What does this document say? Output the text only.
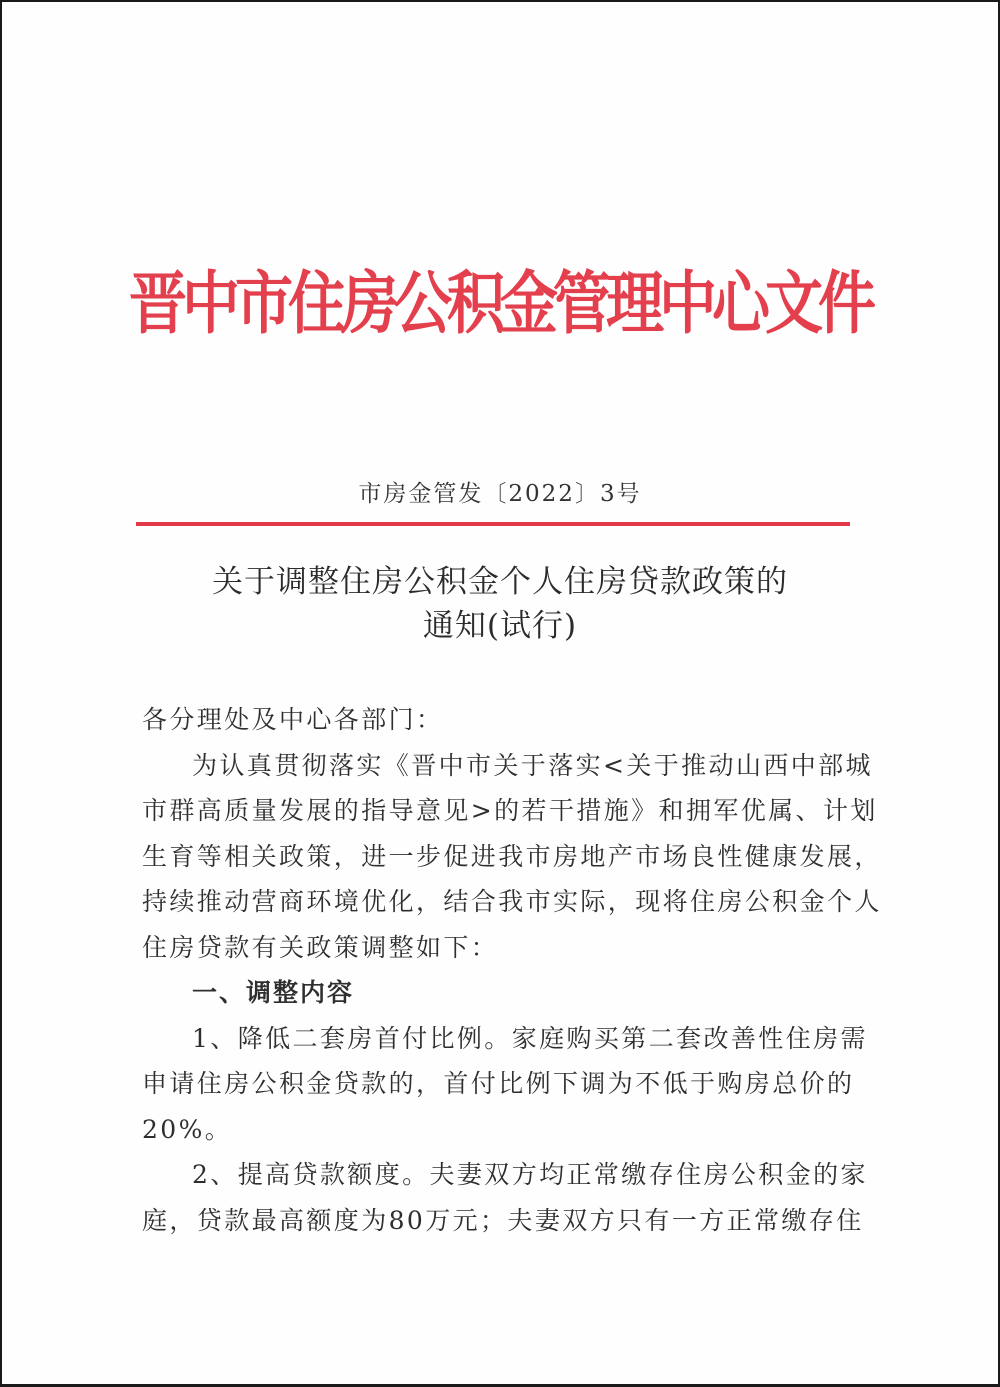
晋中市住房公积金管理中心文件
市房金管发〔2022〕3号
关于调整住房公积金个人住房贷款政策的
通知(试行)

各分理处及中心各部门：

为认真贯彻落实《晋中市关于落实<关于推动山西中部城
市群高质量发展的指导意见>的若干措施》和拥军优属、计划
生育等相关政策，进一步促进我市房地产市场良性健康发展，
持续推动营商环境优化，结合我市实际，现将住房公积金个人
住房贷款有关政策调整如下：

一、调整内容

1、降低二套房首付比例。家庭购买第二套改善性住房需
申请住房公积金贷款的，首付比例下调为不低于购房总价的
20%。

2、提高贷款额度。夫妻双方均正常缴存住房公积金的家
庭，贷款最高额度为80万元；夫妻双方只有一方正常缴存住
